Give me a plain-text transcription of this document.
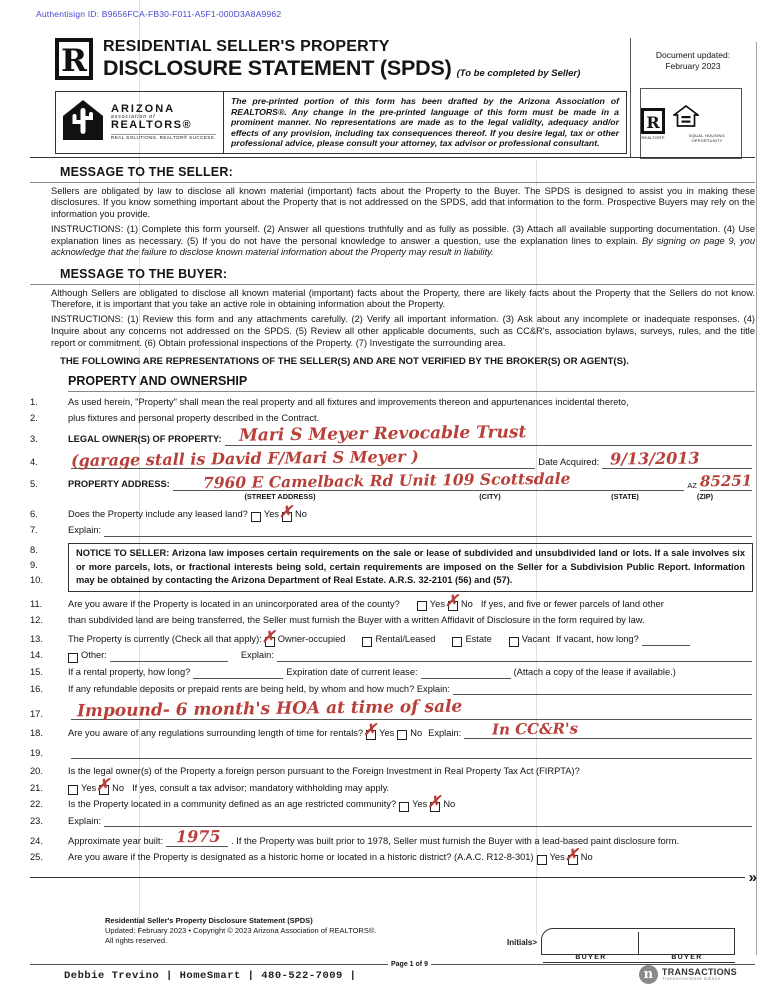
Authentisign ID: B9656FCA-FB30-F011-A5F1-000D3A8A9962
R	RESIDENTIAL SELLER'S PROPERTY
DISCLOSURE STATEMENT (SPDS) (To be completed by Seller)
Document updated:
February 2023
R
REALTOR®	EQUAL HOUSING OPPORTUNITY
ARIZONA
association of
REALTORS®
REAL SOLUTIONS. REALTOR® SUCCESS.
The pre-printed portion of this form has been drafted by the Arizona Association of REALTORS®. Any change in the pre-printed language of this form must be made in a prominent manner. No representations are made as to the legal validity, adequacy and/or effects of any provision, including tax consequences thereof. If you desire legal, tax or other professional advice, please consult your attorney, tax advisor or professional consultant.
MESSAGE TO THE SELLER:
Sellers are obligated by law to disclose all known material (important) facts about the Property to the Buyer. The SPDS is designed to assist you in making these disclosures. If you know something important about the Property that is not addressed on the SPDS, add that information to the form. Prospective Buyers may rely on the information you provide.
INSTRUCTIONS: (1) Complete this form yourself. (2) Answer all questions truthfully and as fully as possible. (3) Attach all available supporting documentation. (4) Use explanation lines as necessary. (5) If you do not have the personal knowledge to answer a question, use the explanation lines to explain. By signing on page 9, you acknowledge that the failure to disclose known material information about the Property may result in liability.
MESSAGE TO THE BUYER:
Although Sellers are obligated to disclose all known material (important) facts about the Property, there are likely facts about the Property that the Sellers do not know. Therefore, it is important that you take an active role in obtaining information about the Property.
INSTRUCTIONS: (1) Review this form and any attachments carefully. (2) Verify all important information. (3) Ask about any incomplete or inadequate responses. (4) Inquire about any concerns not addressed on the SPDS. (5) Review all other applicable documents, such as CC&R's, association bylaws, surveys, rules, and the title report or commitment. (6) Obtain professional inspections of the Property. (7) Investigate the surrounding area.
THE FOLLOWING ARE REPRESENTATIONS OF THE SELLER(S) AND ARE NOT VERIFIED BY THE BROKER(S) OR AGENT(S).
PROPERTY AND OWNERSHIP
1.	As used herein, "Property" shall mean the real property and all fixtures and improvements thereon and appurtenances incidental thereto,
2.	plus fixtures and personal property described in the Contract.
3.	LEGAL OWNER(S) OF PROPERTY: Mari S Meyer Revocable Trust
4.	(garage stall is David F/Mari S Meyer )	Date Acquired: 9/13/2013
5.	PROPERTY ADDRESS: 7960 E Camelback Rd Unit 109 Scottsdale	AZ 85251
(STREET ADDRESS)	(CITY)	(STATE)	(ZIP)
6.	Does the Property include any leased land? Yes ✗ No
7.	Explain:
8.
9.
10.
NOTICE TO SELLER: Arizona law imposes certain requirements on the sale or lease of subdivided and unsubdivided land or lots. If a sale involves six or more parcels, lots, or fractional interests being sold, certain requirements are imposed on the Seller for a Subdivision Public Report. Information may be obtained by contacting the Arizona Department of Real Estate. A.R.S. 32-2101 (56) and (57).
11.	Are you aware if the Property is located in an unincorporated area of the county?	Yes ✗ No If yes, and five or fewer parcels of land other
12.	than subdivided land are being transferred, the Seller must furnish the Buyer with a written Affidavit of Disclosure in the form required by law.
13.	The Property is currently (Check all that apply): ✗ Owner-occupied	Rental/Leased	Estate	Vacant If vacant, how long?
14.	Other:	Explain:
15.	If a rental property, how long?	Expiration date of current lease:	(Attach a copy of the lease if available.)
16.	If any refundable deposits or prepaid rents are being held, by whom and how much? Explain:
17.	Impound- 6 month's HOA at time of sale
18.	Are you aware of any regulations surrounding length of time for rentals? ✗ Yes No Explain: In CC&R's
19.
20.	Is the legal owner(s) of the Property a foreign person pursuant to the Foreign Investment in Real Property Tax Act (FIRPTA)?
21.	Yes ✗ No If yes, consult a tax advisor; mandatory withholding may apply.
22.	Is the Property located in a community defined as an age restricted community? Yes ✗ No
23.	Explain:
24.	Approximate year built: 1975 . If the Property was built prior to 1978, Seller must furnish the Buyer with a lead-based paint disclosure form.
25.	Are you aware if the Property is designated as a historic home or located in a historic district? (A.A.C. R12-8-301) Yes ✗ No
»
Residential Seller's Property Disclosure Statement (SPDS)
Updated: February 2023 • Copyright © 2023 Arizona Association of REALTORS®.
All rights reserved.	Initials>
BUYER	BUYER
Page 1 of 9
Debbie Trevino | HomeSmart | 480-522-7009 |	n TRANSACTIONS
TransactionDesk Edition
